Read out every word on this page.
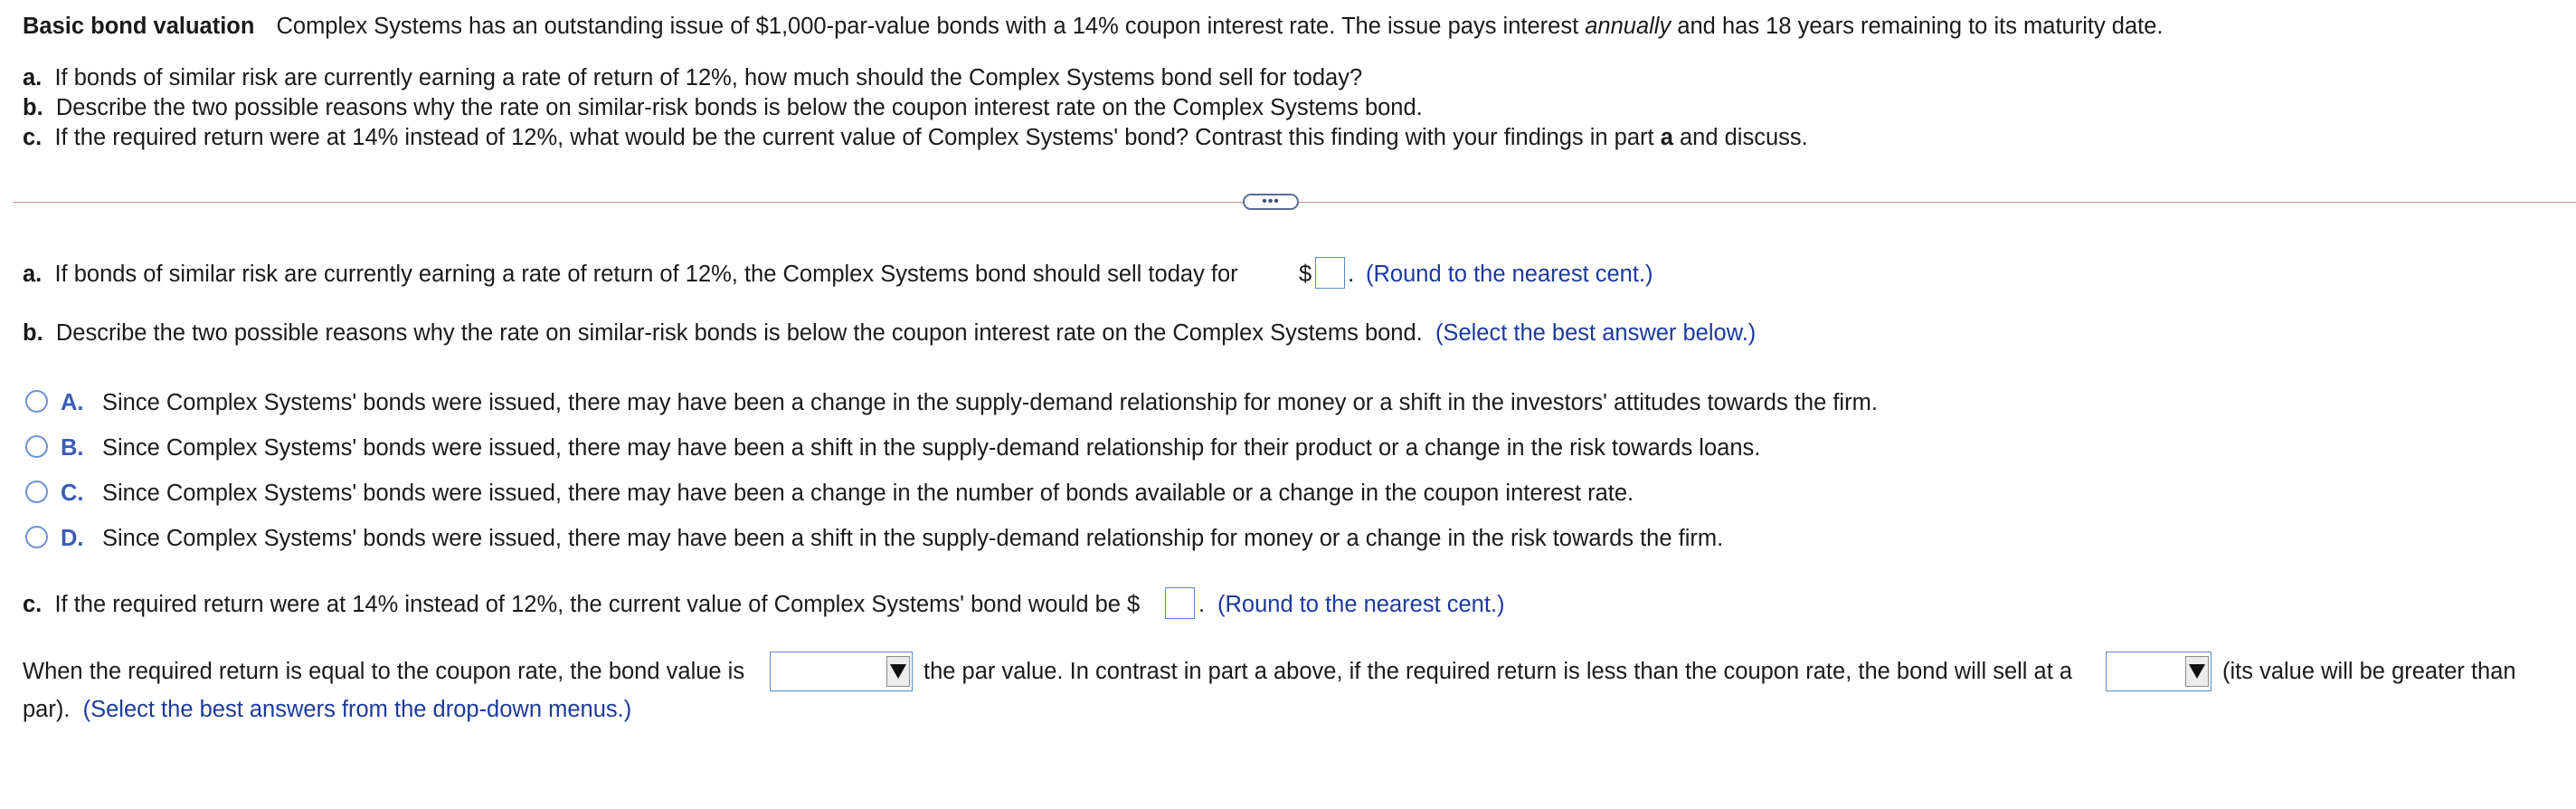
Basic bond valuation Complex Systems has an outstanding issue of $1,000-par-value bonds with a 14% coupon interest rate. The issue pays interest annually and has 18 years remaining to its maturity date.
a. If bonds of similar risk are currently earning a rate of return of 12%, how much should the Complex Systems bond sell for today?
b. Describe the two possible reasons why the rate on similar-risk bonds is below the coupon interest rate on the Complex Systems bond.
c. If the required return were at 14% instead of 12%, what would be the current value of Complex Systems' bond? Contrast this finding with your findings in part a and discuss.
•••
a. If bonds of similar risk are currently earning a rate of return of 12%, the Complex Systems bond should sell today for	$ . (Round to the nearest cent.)
b. Describe the two possible reasons why the rate on similar-risk bonds is below the coupon interest rate on the Complex Systems bond. (Select the best answer below.)
A. Since Complex Systems' bonds were issued, there may have been a change in the supply-demand relationship for money or a shift in the investors' attitudes towards the firm.
B. Since Complex Systems' bonds were issued, there may have been a shift in the supply-demand relationship for their product or a change in the risk towards loans.
C. Since Complex Systems' bonds were issued, there may have been a change in the number of bonds available or a change in the coupon interest rate.
D. Since Complex Systems' bonds were issued, there may have been a shift in the supply-demand relationship for money or a change in the risk towards the firm.
c. If the required return were at 14% instead of 12%, the current value of Complex Systems' bond would be $	. (Round to the nearest cent.)
When the required return is equal to the coupon rate, the bond value is	the par value. In contrast in part a above, if the required return is less than the coupon rate, the bond will sell at a	(its value will be greater than
par). (Select the best answers from the drop-down menus.)
